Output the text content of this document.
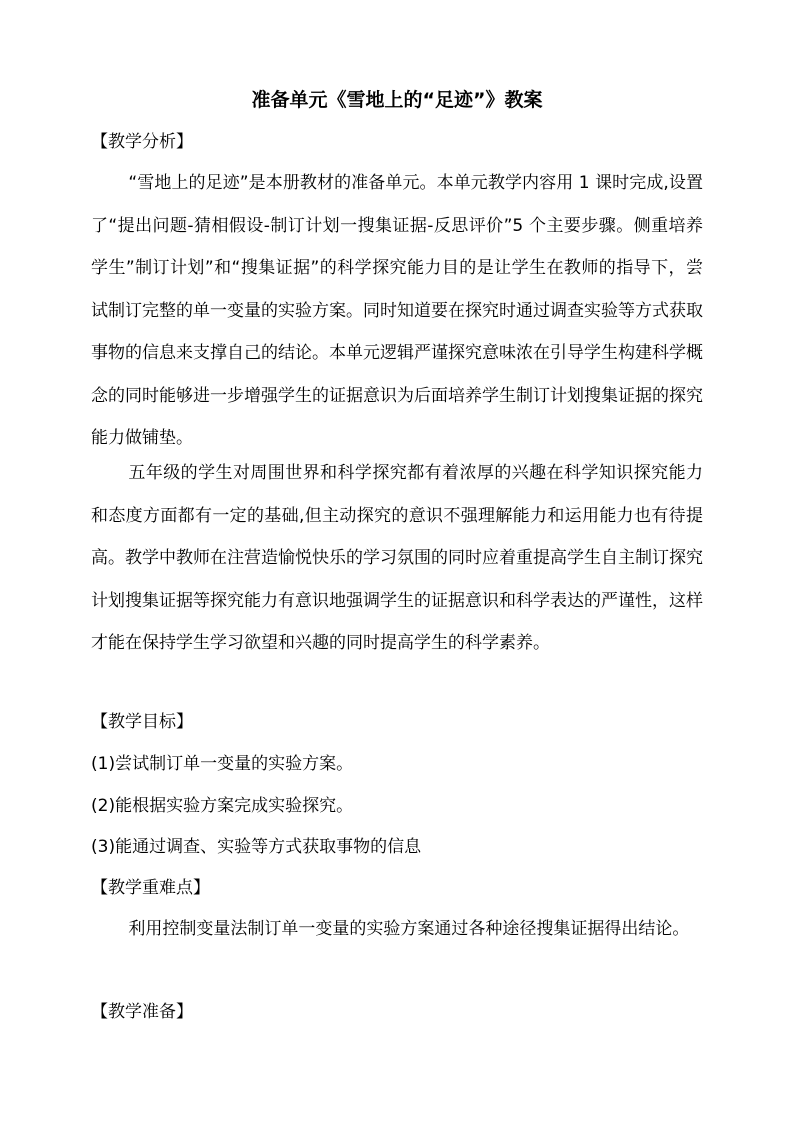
准备单元《雪地上的“足迹”》教案
【教学分析】

“雪地上的足迹”是本册教材的准备单元。本单元教学内容用 1 课时完成,设置了“提出问题-猜相假设-制订计划一搜集证据-反思评价”5 个主要步骤。侧重培养学生”制订计划”和“搜集证据”的科学探究能力目的是让学生在教师的指导下，尝试制订完整的单一变量的实验方案。同时知道要在探究时通过调查实验等方式获取事物的信息来支撑自己的结论。本单元逻辑严谨探究意味浓在引导学生构建科学概念的同时能够进一步增强学生的证据意识为后面培养学生制订计划搜集证据的探究能力做铺垫。

五年级的学生对周围世界和科学探究都有着浓厚的兴趣在科学知识探究能力和态度方面都有一定的基础,但主动探究的意识不强理解能力和运用能力也有待提高。教学中教师在注营造愉悦快乐的学习氛围的同时应着重提高学生自主制订探究计划搜集证据等探究能力有意识地强调学生的证据意识和科学表达的严谨性，这样才能在保持学生学习欲望和兴趣的同时提高学生的科学素养。

【教学目标】
(1)尝试制订单一变量的实验方案。
(2)能根据实验方案完成实验探究。
(3)能通过调查、实验等方式获取事物的信息
【教学重难点】

利用控制变量法制订单一变量的实验方案通过各种途径搜集证据得出结论。

【教学准备】
